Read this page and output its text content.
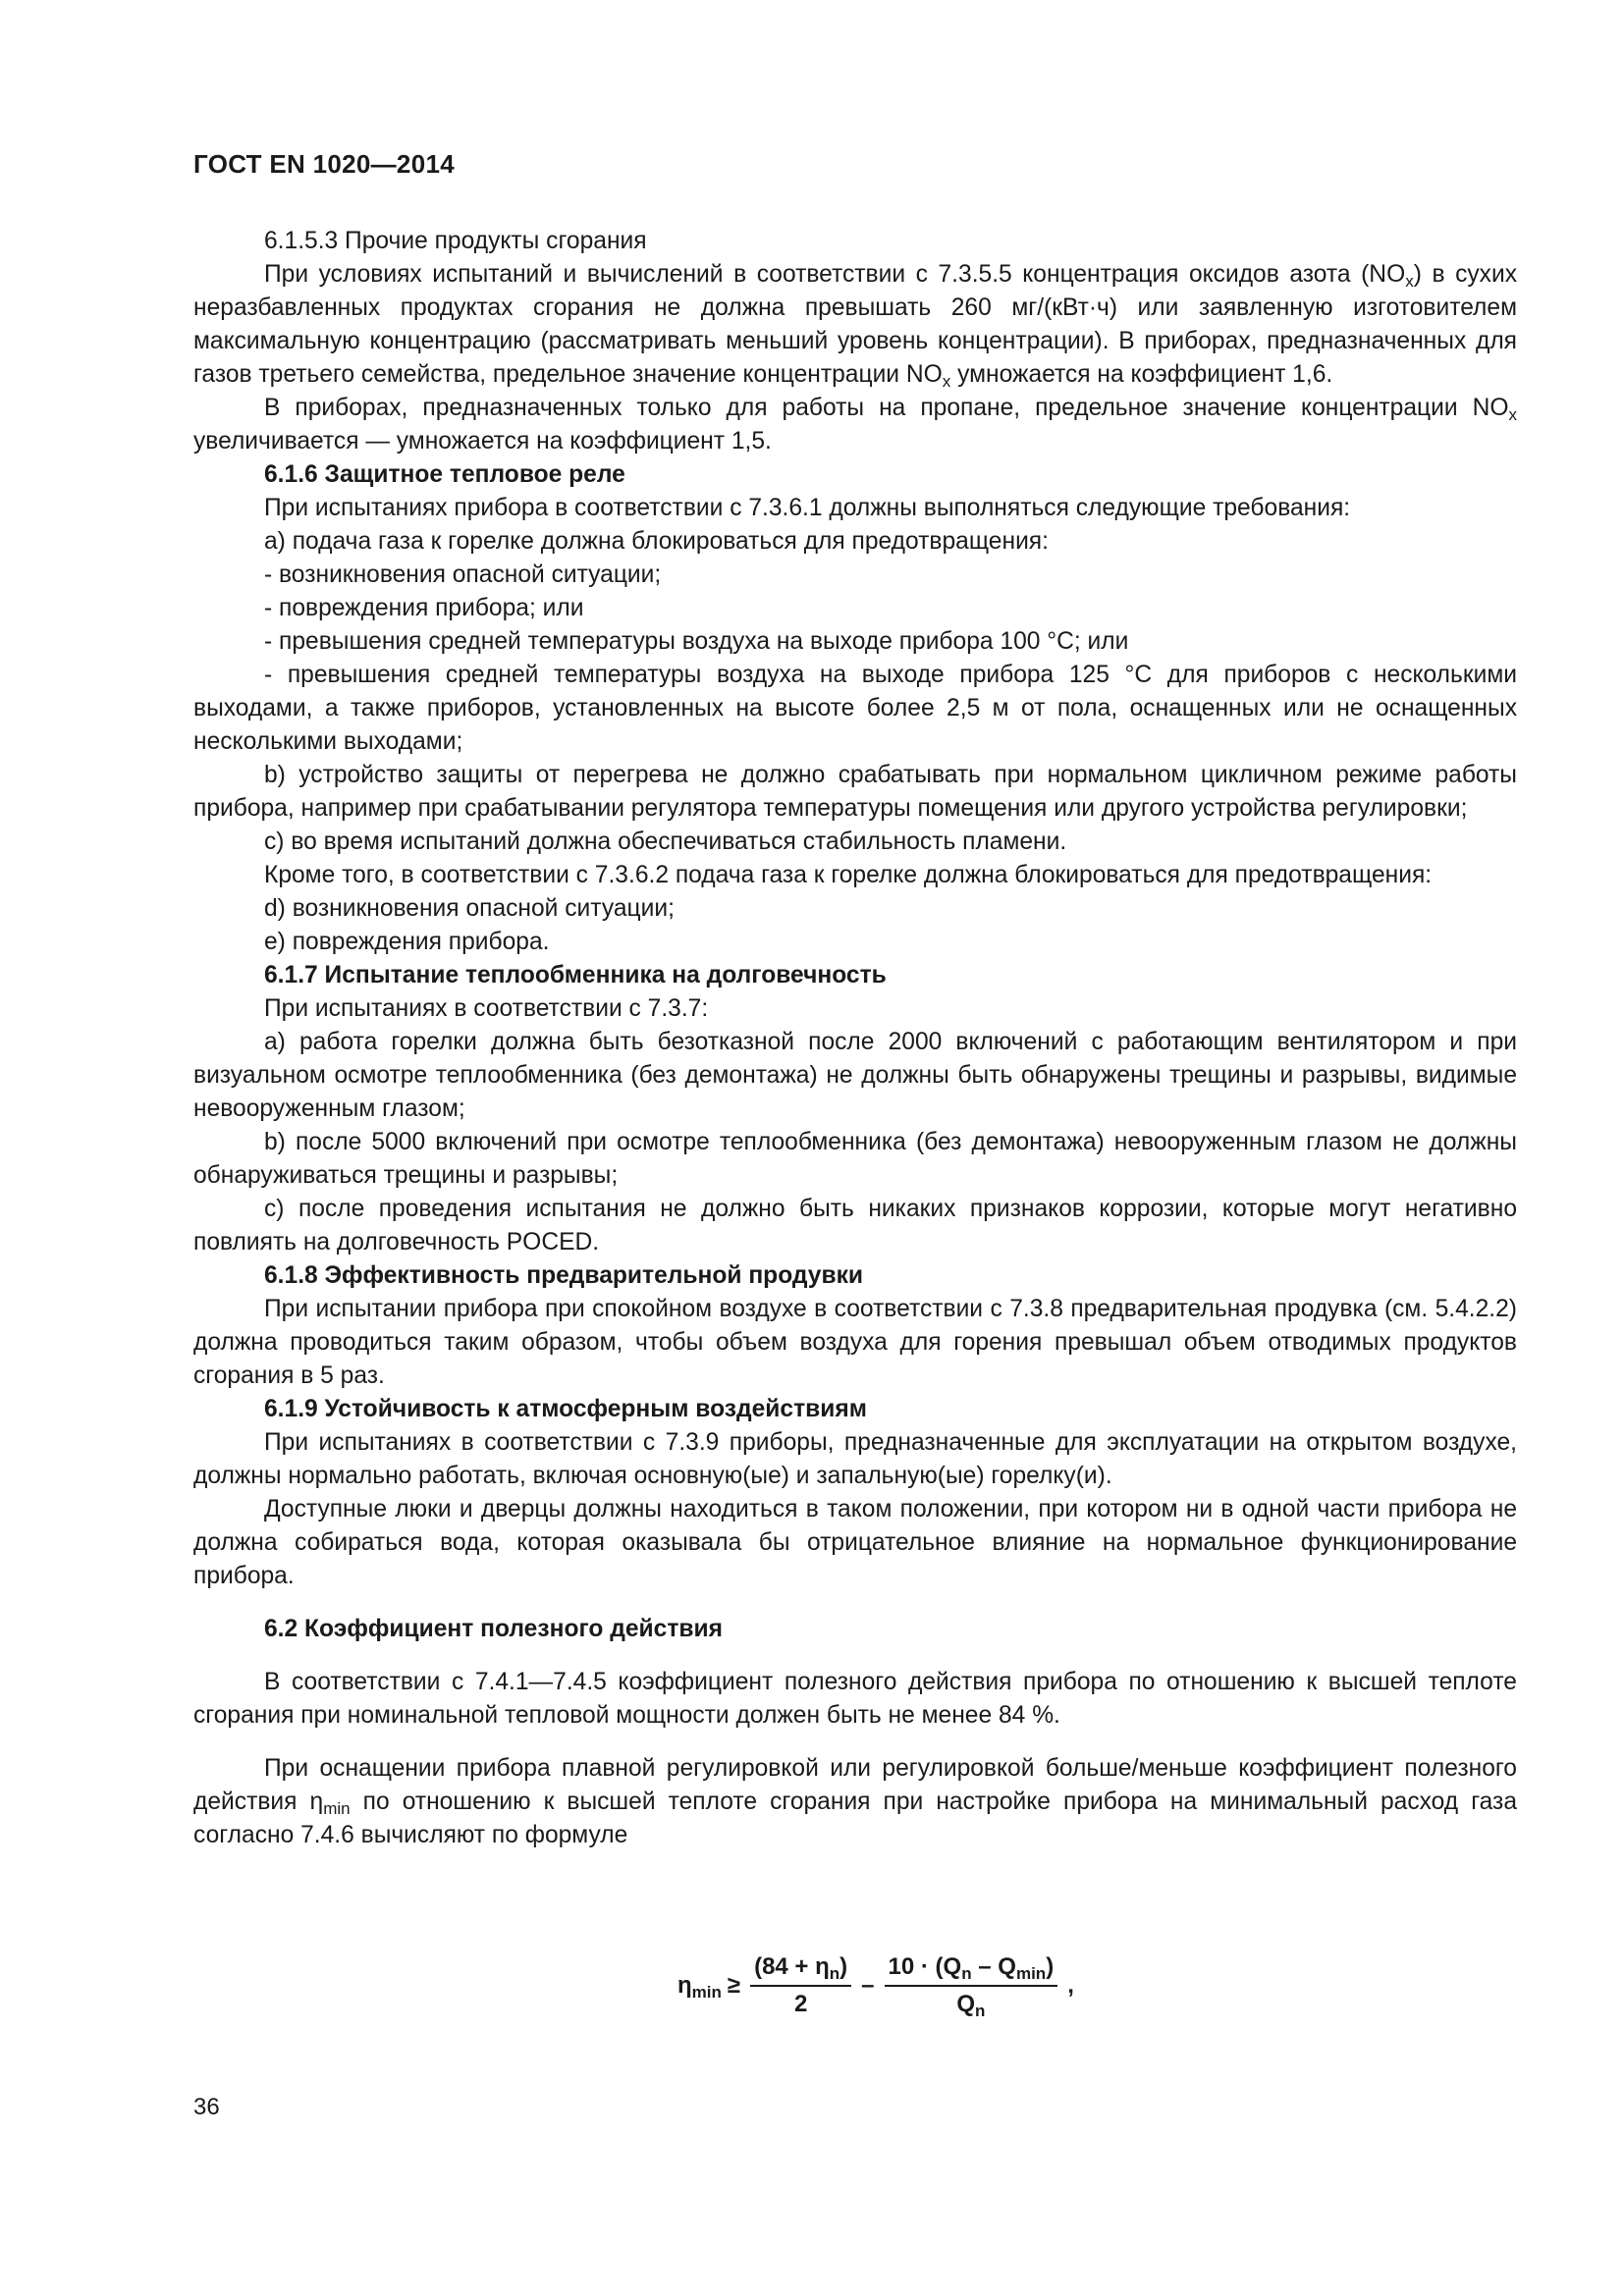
ГОСТ EN 1020—2014

6.1.5.3 Прочие продукты сгорания

При условиях испытаний и вычислений в соответствии с 7.3.5.5 концентрация оксидов азота $(NO_x)$ в сухих неразбавленных продуктах сгорания не должна превышать 260 мг/(кВт·ч) или заявленную изготовителем максимальную концентрацию (рассматривать меньший уровень концентрации). В приборах, предназначенных для газов третьего семейства, предельное значение концентрации $NO_x$ умножается на коэффициент 1,6.

В приборах, предназначенных только для работы на пропане, предельное значение концентрации $NO_x$ увеличивается — умножается на коэффициент 1,5.

6.1.6 Защитное тепловое реле

При испытаниях прибора в соответствии с 7.3.6.1 должны выполняться следующие требования:

а) подача газа к горелке должна блокироваться для предотвращения:

- возникновения опасной ситуации;

- повреждения прибора; или

- превышения средней температуры воздуха на выходе прибора 100 °С; или

- превышения средней температуры воздуха на выходе прибора 125 °С для приборов с несколькими выходами, а также приборов, установленных на высоте более 2,5 м от пола, оснащенных или не оснащенных несколькими выходами;

b) устройство защиты от перегрева не должно срабатывать при нормальном цикличном режиме работы прибора, например при срабатывании регулятора температуры помещения или другого устройства регулировки;

с) во время испытаний должна обеспечиваться стабильность пламени.

Кроме того, в соответствии с 7.3.6.2 подача газа к горелке должна блокироваться для предотвращения:

d) возникновения опасной ситуации;

е) повреждения прибора.

6.1.7 Испытание теплообменника на долговечность

При испытаниях в соответствии с 7.3.7:

а) работа горелки должна быть безотказной после 2000 включений с работающим вентилятором и при визуальном осмотре теплообменника (без демонтажа) не должны быть обнаружены трещины и разрывы, видимые невооруженным глазом;

b) после 5000 включений при осмотре теплообменника (без демонтажа) невооруженным глазом не должны обнаруживаться трещины и разрывы;

с) после проведения испытания не должно быть никаких признаков коррозии, которые могут негативно повлиять на долговечность POCED.

6.1.8 Эффективность предварительной продувки

При испытании прибора при спокойном воздухе в соответствии с 7.3.8 предварительная продувка (см. 5.4.2.2) должна проводиться таким образом, чтобы объем воздуха для горения превышал объем отводимых продуктов сгорания в 5 раз.

6.1.9 Устойчивость к атмосферным воздействиям

При испытаниях в соответствии с 7.3.9 приборы, предназначенные для эксплуатации на открытом воздухе, должны нормально работать, включая основную(ые) и запальную(ые) горелку(и).

Доступные люки и дверцы должны находиться в таком положении, при котором ни в одной части прибора не должна собираться вода, которая оказывала бы отрицательное влияние на нормальное функционирование прибора.

6.2 Коэффициент полезного действия

В соответствии с 7.4.1—7.4.5 коэффициент полезного действия прибора по отношению к высшей теплоте сгорания при номинальной тепловой мощности должен быть не менее 84 %.

При оснащении прибора плавной регулировкой или регулировкой больше/меньше коэффициент полезного действия $\eta_{min}$ по отношению к высшей теплоте сгорания при настройке прибора на минимальный расход газа согласно 7.4.6 вычисляют по формуле

$\eta_{min} \ge \frac{(84 + \eta_n)}{2} - \frac{10 \cdot (Q_n - Q_{min})}{Q_n}$ ,
36
